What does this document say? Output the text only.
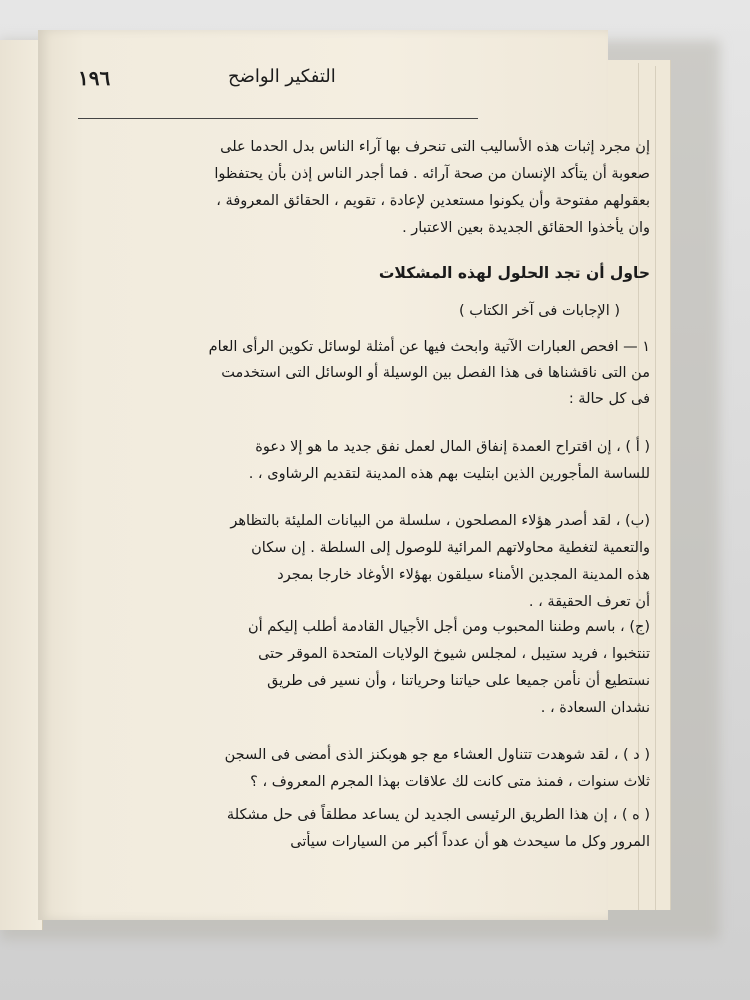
١٩٦	التفكير الواضح
إن مجرد إثبات هذه الأساليب التى تنحرف بها آراء الناس بدل الحدما على
صعوبة أن يتأكد الإنسان من صحة آرائه . فما أجدر الناس إذن بأن يحتفظوا
بعقولهم مفتوحة وأن يكونوا مستعدين لإعادة ، تقويم ، الحقائق المعروفة ،
وان يأخذوا الحقائق الجديدة بعين الاعتبار .
حاول أن تجد الحلول لهذه المشكلات
( الإجابات فى آخر الكتاب )
١ — افحص العبارات الآتية وابحث فيها عن أمثلة لوسائل تكوين الرأى العام
من التى ناقشناها فى هذا الفصل بين الوسيلة أو الوسائل التى استخدمت
فى كل حالة :
( أ ) ، إن اقتراح العمدة إنفاق المال لعمل نفق جديد ما هو إلا دعوة
للساسة المأجورين الذين ابتليت بهم هذه المدينة لتقديم الرشاوى ، .
(ب) ، لقد أصدر هؤلاء المصلحون ، سلسلة من البيانات المليئة بالتظاهر
والتعمية لتغطية محاولاتهم المرائية للوصول إلى السلطة . إن سكان
هذه المدينة المجدين الأمناء سيلقون بهؤلاء الأوغاد خارجا بمجرد
أن تعرف الحقيقة ، .
(ج) ، باسم وطننا المحبوب ومن أجل الأجيال القادمة أطلب إليكم أن
تنتخبوا ، فريد ستيبل ، لمجلس شيوخ الولايات المتحدة الموقر حتى
نستطيع أن نأمن جميعا على حياتنا وحرياتنا ، وأن نسير فى طريق
نشدان السعادة ، .
( د ) ، لقد شوهدت تتناول العشاء مع جو هوبكنز الذى أمضى فى السجن
ثلاث سنوات ، فمنذ متى كانت لك علاقات بهذا المجرم المعروف ، ؟
( ه ) ، إن هذا الطريق الرئيسى الجديد لن يساعد مطلقاً فى حل مشكلة
المرور وكل ما سيحدث هو أن عدداً أكبر من السيارات سيأتى
